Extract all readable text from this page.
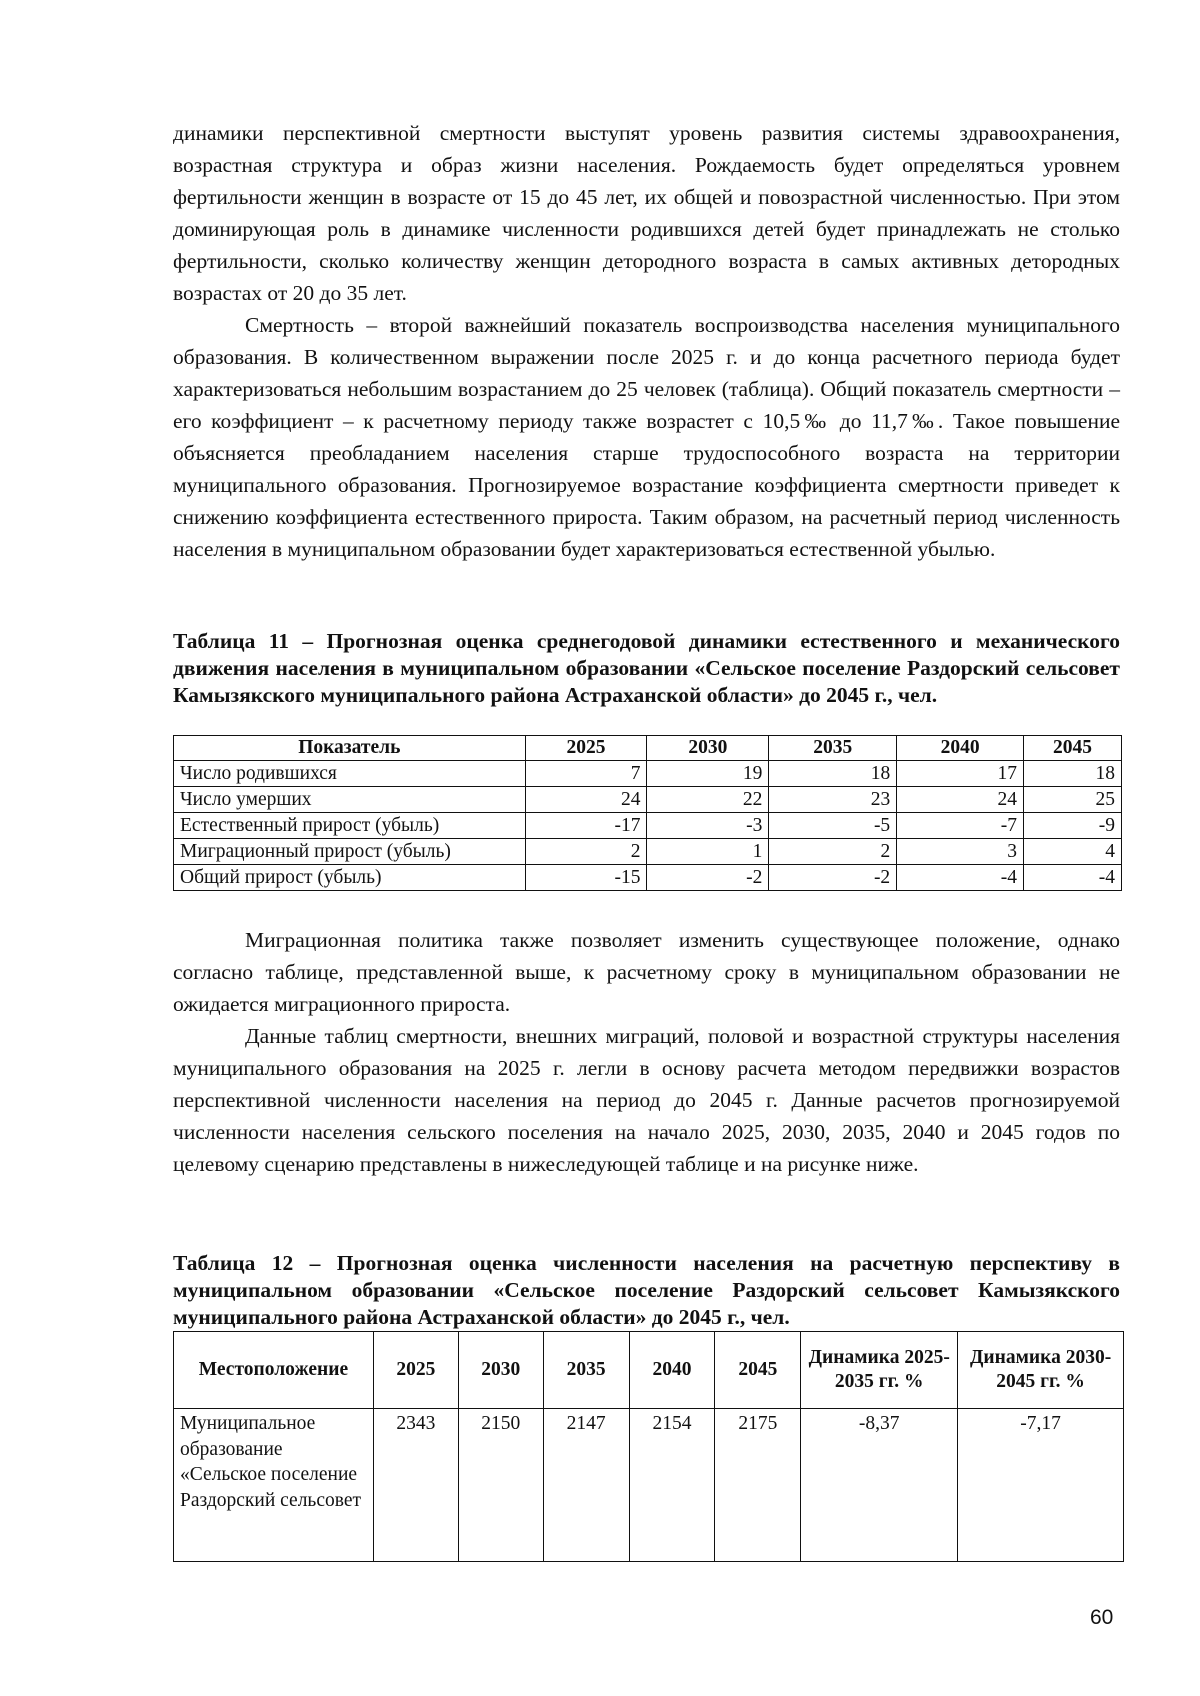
динамики перспективной смертности выступят уровень развития системы здравоохранения, возрастная структура и образ жизни населения. Рождаемость будет определяться уровнем фертильности женщин в возрасте от 15 до 45 лет, их общей и повозрастной численностью. При этом доминирующая роль в динамике численности родившихся детей будет принадлежать не столько фертильности, сколько количеству женщин детородного возраста в самых активных детородных возрастах от 20 до 35 лет.

Смертность – второй важнейший показатель воспроизводства населения муниципального образования. В количественном выражении после 2025 г. и до конца расчетного периода будет характеризоваться небольшим возрастанием до 25 человек (таблица). Общий показатель смертности – его коэффициент – к расчетному периоду также возрастет с 10,5‰ до 11,7‰. Такое повышение объясняется преобладанием населения старше трудоспособного возраста на территории муниципального образования. Прогнозируемое возрастание коэффициента смертности приведет к снижению коэффициента естественного прироста. Таким образом, на расчетный период численность населения в муниципальном образовании будет характеризоваться естественной убылью.

Таблица 11 – Прогнозная оценка среднегодовой динамики естественного и механического движения населения в муниципальном образовании «Сельское поселение Раздорский сельсовет Камызякского муниципального района Астраханской области» до 2045 г., чел.

Показатель	2025	2030	2035	2040	2045
Число родившихся	7	19	18	17	18
Число умерших	24	22	23	24	25
Естественный прирост (убыль)	-17	-3	-5	-7	-9
Миграционный прирост (убыль)	2	1	2	3	4
Общий прирост (убыль)	-15	-2	-2	-4	-4

Миграционная политика также позволяет изменить существующее положение, однако согласно таблице, представленной выше, к расчетному сроку в муниципальном образовании не ожидается миграционного прироста.

Данные таблиц смертности, внешних миграций, половой и возрастной структуры населения муниципального образования на 2025 г. легли в основу расчета методом передвижки возрастов перспективной численности населения на период до 2045 г. Данные расчетов прогнозируемой численности населения сельского поселения на начало 2025, 2030, 2035, 2040 и 2045 годов по целевому сценарию представлены в нижеследующей таблице и на рисунке ниже.

Таблица 12 – Прогнозная оценка численности населения на расчетную перспективу в муниципальном образовании «Сельское поселение Раздорский сельсовет Камызякского муниципального района Астраханской области» до 2045 г., чел.

Местоположение	2025	2030	2035	2040	2045	Динамика 2025-2035 гг. %	Динамика 2030-2045 гг. %
Муниципальное образование «Сельское поселение Раздорский сельсовет	2343	2150	2147	2154	2175	-8,37	-7,17
60
